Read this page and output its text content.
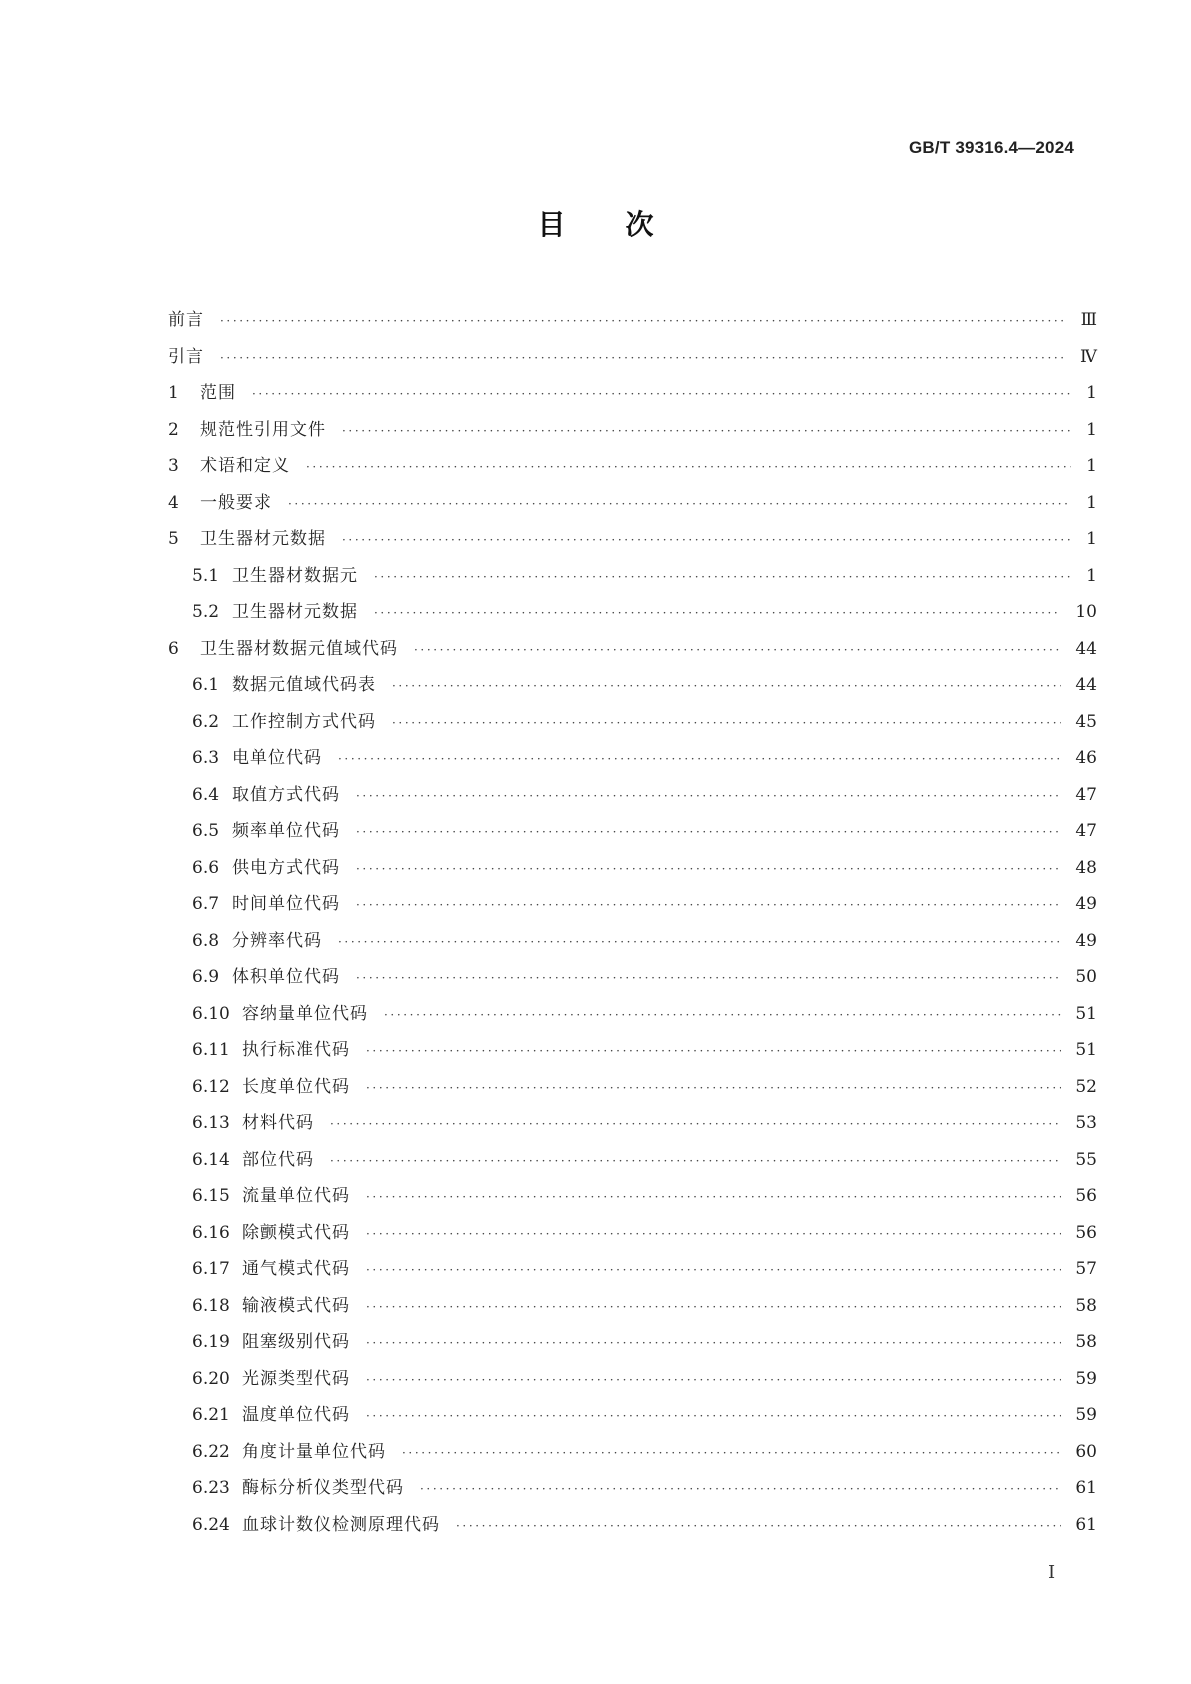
GB/T 39316.4—2024
目次
前言 ·····	Ⅲ
引言 ·····	Ⅳ
1	范围 ·····	1
2	规范性引用文件 ·····	1
3	术语和定义 ·····	1
4	一般要求 ·····	1
5	卫生器材元数据 ·····	1
5.1 卫生器材数据元 ·····	1
5.2 卫生器材元数据 ·····	10
6	卫生器材数据元值域代码 ·····	44
6.1 数据元值域代码表 ·····	44
6.2 工作控制方式代码 ·····	45
6.3 电单位代码 ·····	46
6.4 取值方式代码 ·····	47
6.5 频率单位代码 ·····	47
6.6 供电方式代码 ·····	48
6.7 时间单位代码 ·····	49
6.8 分辨率代码 ·····	49
6.9 体积单位代码 ·····	50
6.10 容纳量单位代码 ·····	51
6.11 执行标准代码 ·····	51
6.12 长度单位代码 ·····	52
6.13 材料代码 ·····	53
6.14 部位代码 ·····	55
6.15 流量单位代码 ·····	56
6.16 除颤模式代码 ·····	56
6.17 通气模式代码 ·····	57
6.18 输液模式代码 ·····	58
6.19 阻塞级别代码 ·····	58
6.20 光源类型代码 ·····	59
6.21 温度单位代码 ·····	59
6.22 角度计量单位代码 ·····	60
6.23 酶标分析仪类型代码 ·····	61
6.24 血球计数仪检测原理代码 ·····	61
I
